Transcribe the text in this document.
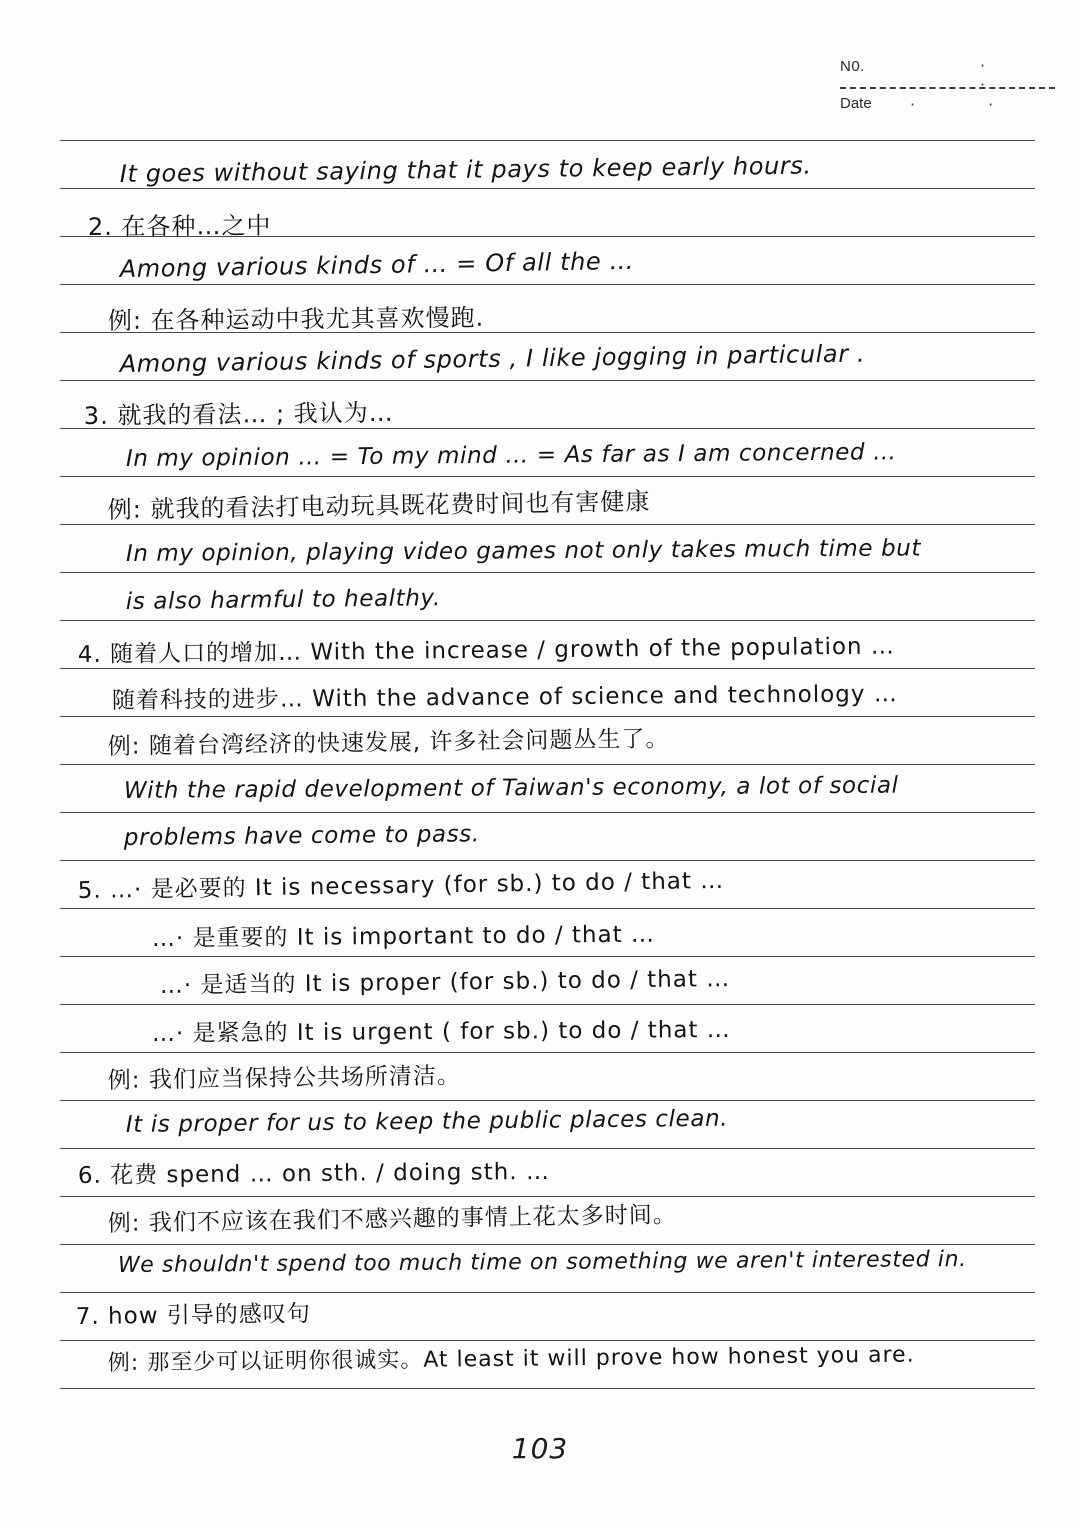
N0.	· ·
Date	· ·
It goes without saying that it pays to keep early hours.
2. 在各种…之中
Among various kinds of … = Of all the …
例: 在各种运动中我尤其喜欢慢跑.
Among various kinds of sports , I like jogging in particular .
3. 就我的看法… ; 我认为…
In my opinion … = To my mind … = As far as I am concerned …
例: 就我的看法打电动玩具既花费时间也有害健康
In my opinion, playing video games not only takes much time but
is also harmful to healthy.
4. 随着人口的增加… With the increase / growth of the population …
随着科技的进步… With the advance of science and technology …
例: 随着台湾经济的快速发展, 许多社会问题丛生了。
With the rapid development of Taiwan's economy, a lot of social
problems have come to pass.
5. …· 是必要的 It is necessary (for sb.) to do / that …
…· 是重要的 It is important to do / that …
…· 是适当的 It is proper (for sb.) to do / that …
…· 是紧急的 It is urgent ( for sb.) to do / that …
例: 我们应当保持公共场所清洁。
It is proper for us to keep the public places clean.
6. 花费 spend … on sth. / doing sth. …
例: 我们不应该在我们不感兴趣的事情上花太多时间。
We shouldn't spend too much time on something we aren't interested in.
7. how 引导的感叹句
例: 那至少可以证明你很诚实。At least it will prove how honest you are.
103
